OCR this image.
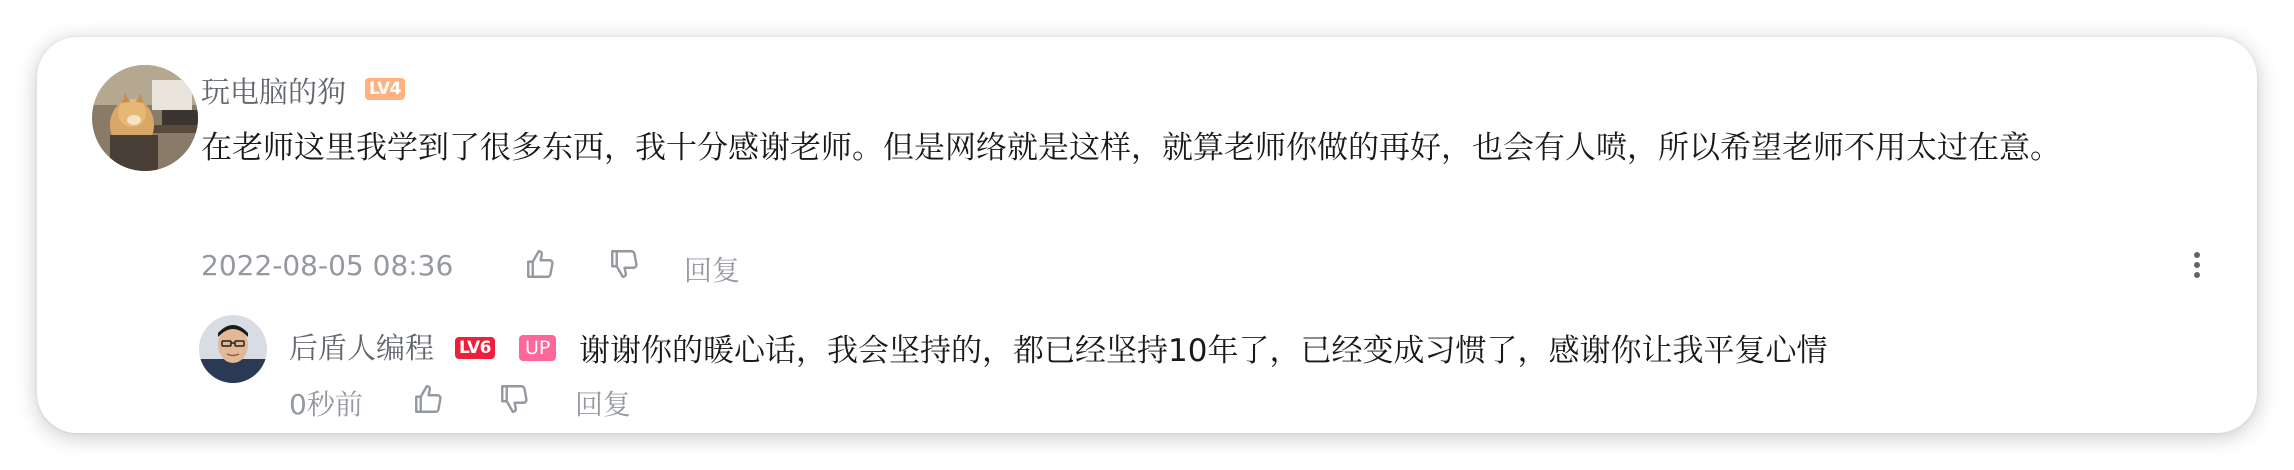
玩电脑的狗 LV4
在老师这里我学到了很多东西，我十分感谢老师。但是网络就是这样，就算老师你做的再好，也会有人喷，所以希望老师不用太过在意。
2022-08-05 08:36	回复
后盾人编程 LV6	UP 谢谢你的暖心话，我会坚持的，都已经坚持10年了，已经变成习惯了，感谢你让我平复心情
0秒前	回复
